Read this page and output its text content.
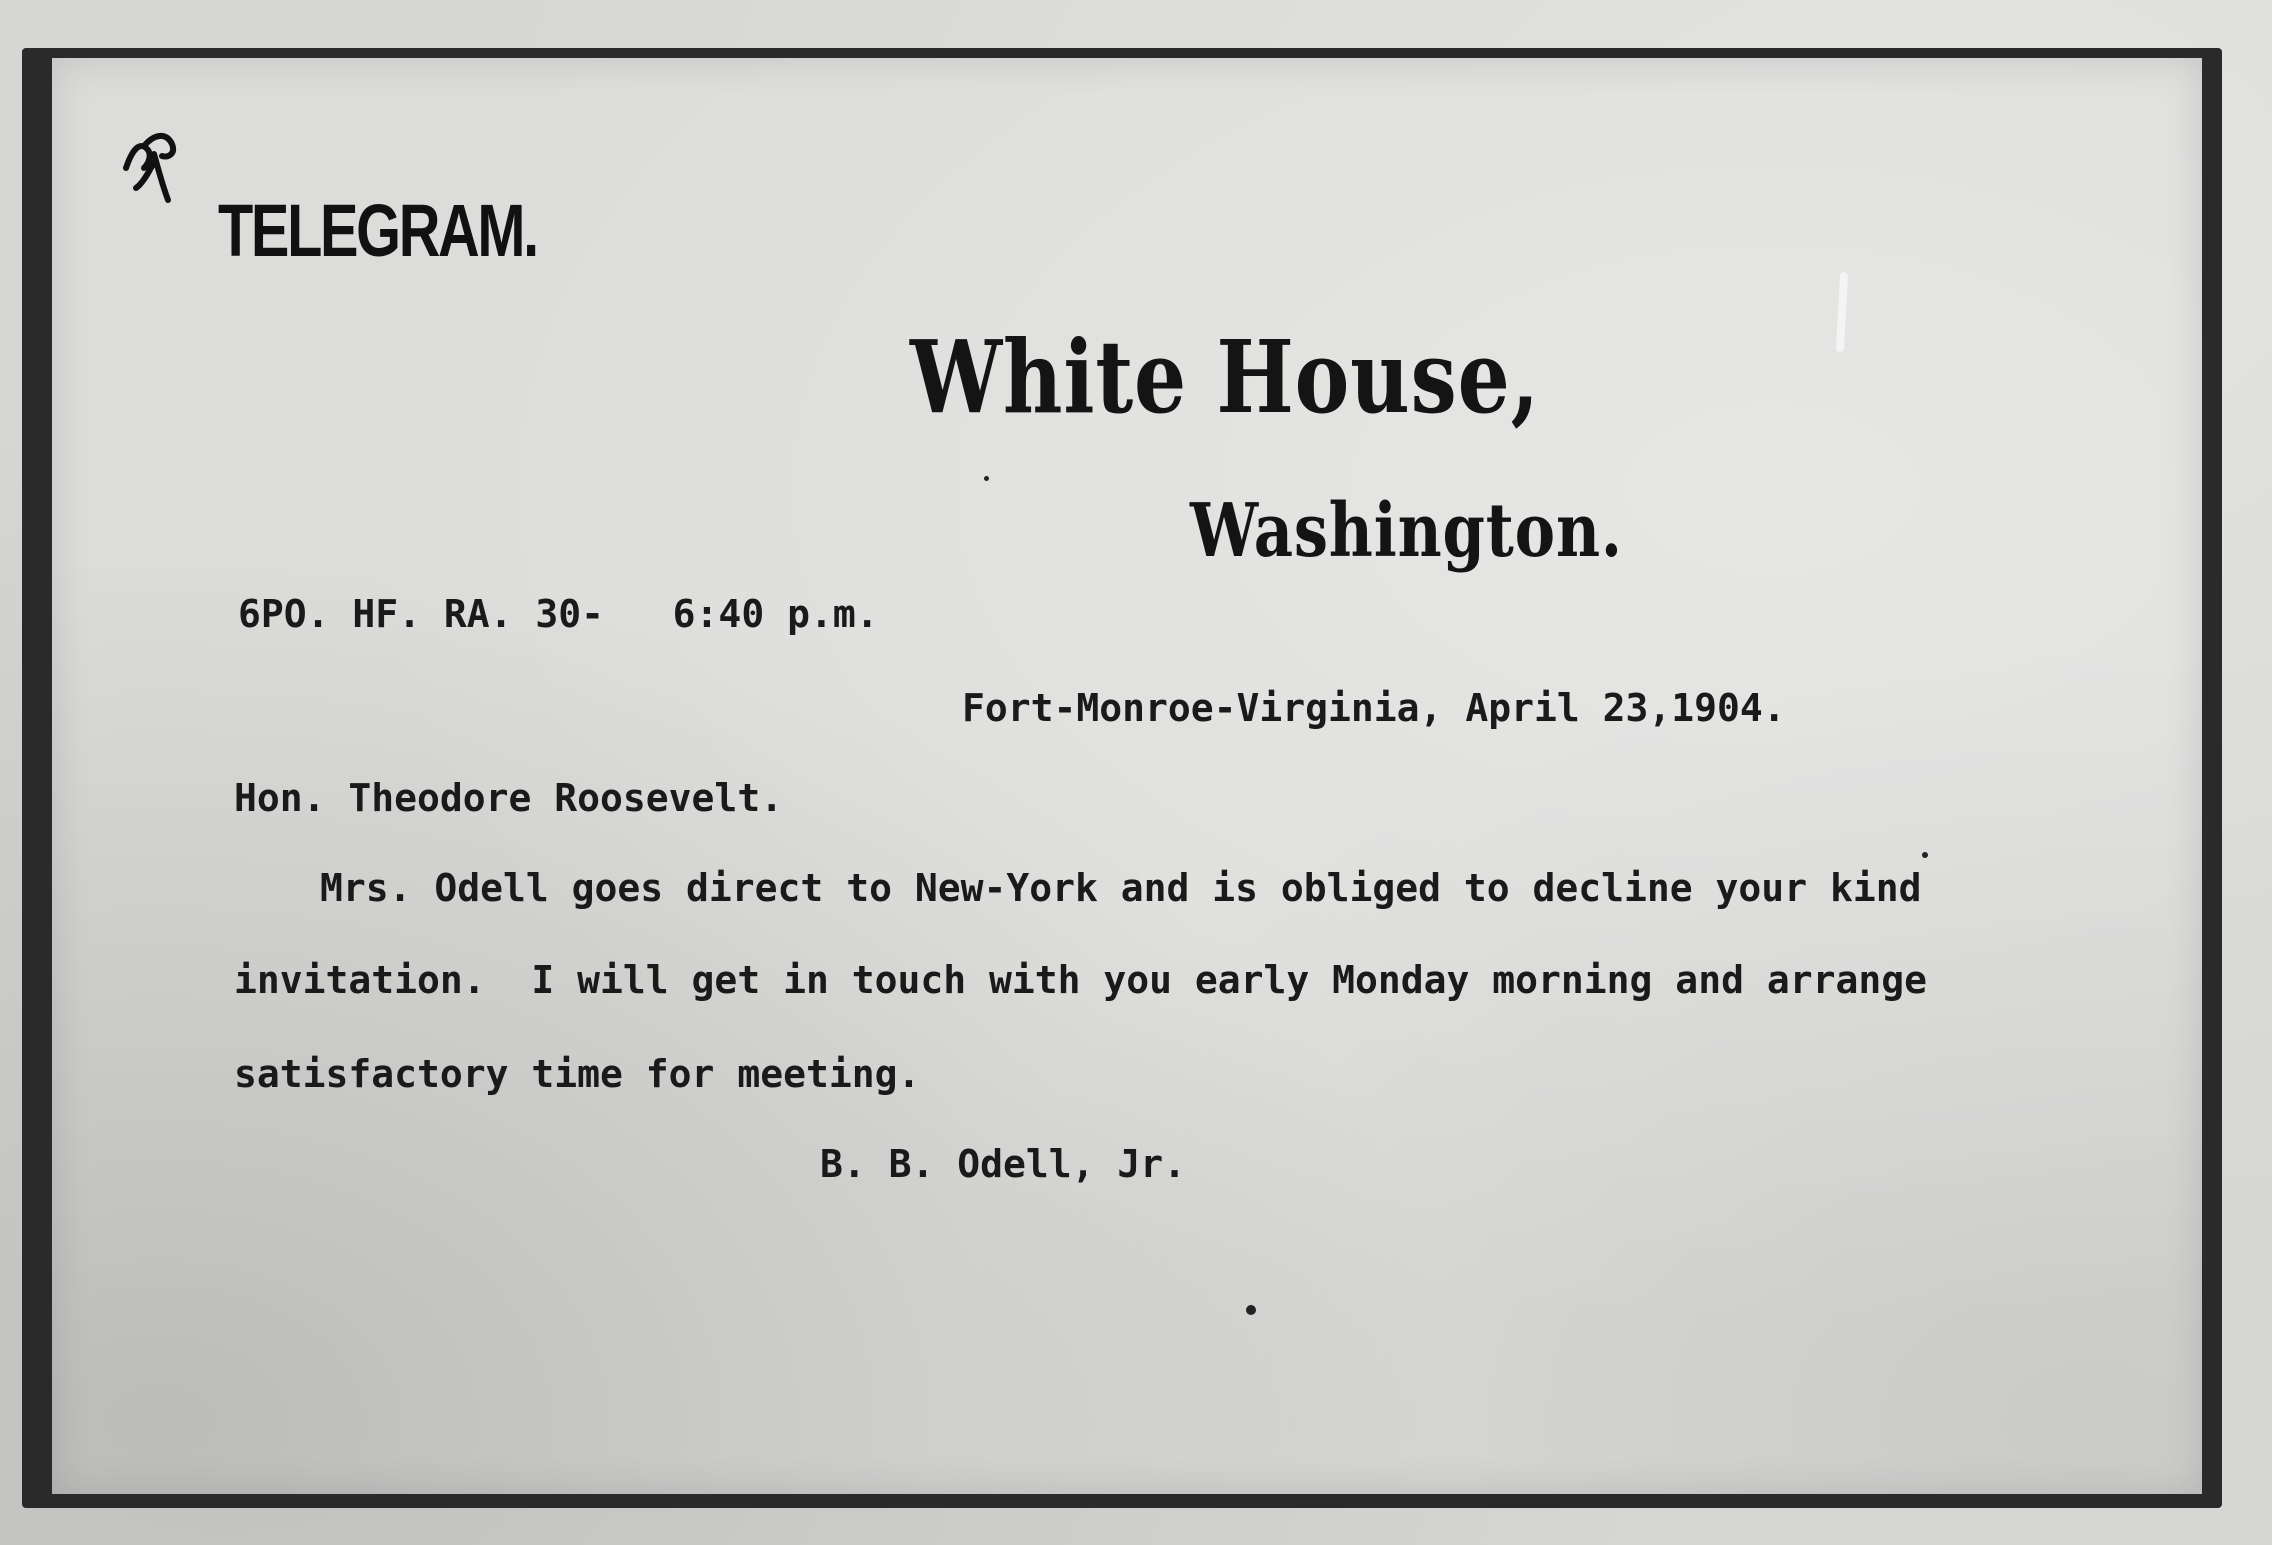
TELEGRAM.
White House,
Washington.
6PO. HF. RA. 30-   6:40 p.m.
Fort-Monroe-Virginia, April 23,1904.
Hon. Theodore Roosevelt.
Mrs. Odell goes direct to New-York and is obliged to decline your kind
invitation.  I will get in touch with you early Monday morning and arrange
satisfactory time for meeting.
B. B. Odell, Jr.
